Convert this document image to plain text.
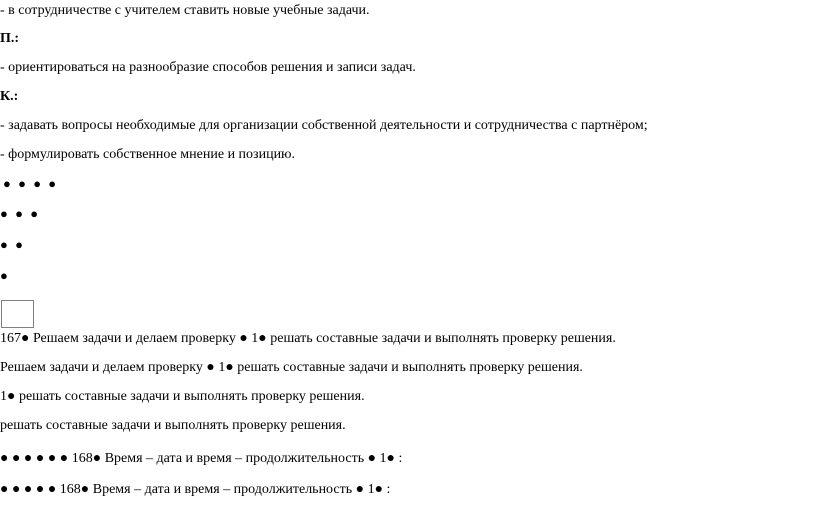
- в сотрудничестве с учителем ставить новые учебные задачи.
П.:
- ориентироваться на разнообразие способов решения и записи задач.
К.:
- задавать вопросы необходимые для организации собственной деятельности и сотрудничества с партнёром;
- формулировать собственное мнение и позицию.
● ● ● ●
● ● ●
● ●
●
167● Решаем задачи и делаем проверку ● 1● решать составные задачи и выполнять проверку решения.
Решаем задачи и делаем проверку ● 1● решать составные задачи и выполнять проверку решения.
1● решать составные задачи и выполнять проверку решения.
решать составные задачи и выполнять проверку решения.
● ● ● ● ● ● 168● Время – дата и время – продолжительность ● 1● :
● ● ● ● ● 168● Время – дата и время – продолжительность ● 1● :
